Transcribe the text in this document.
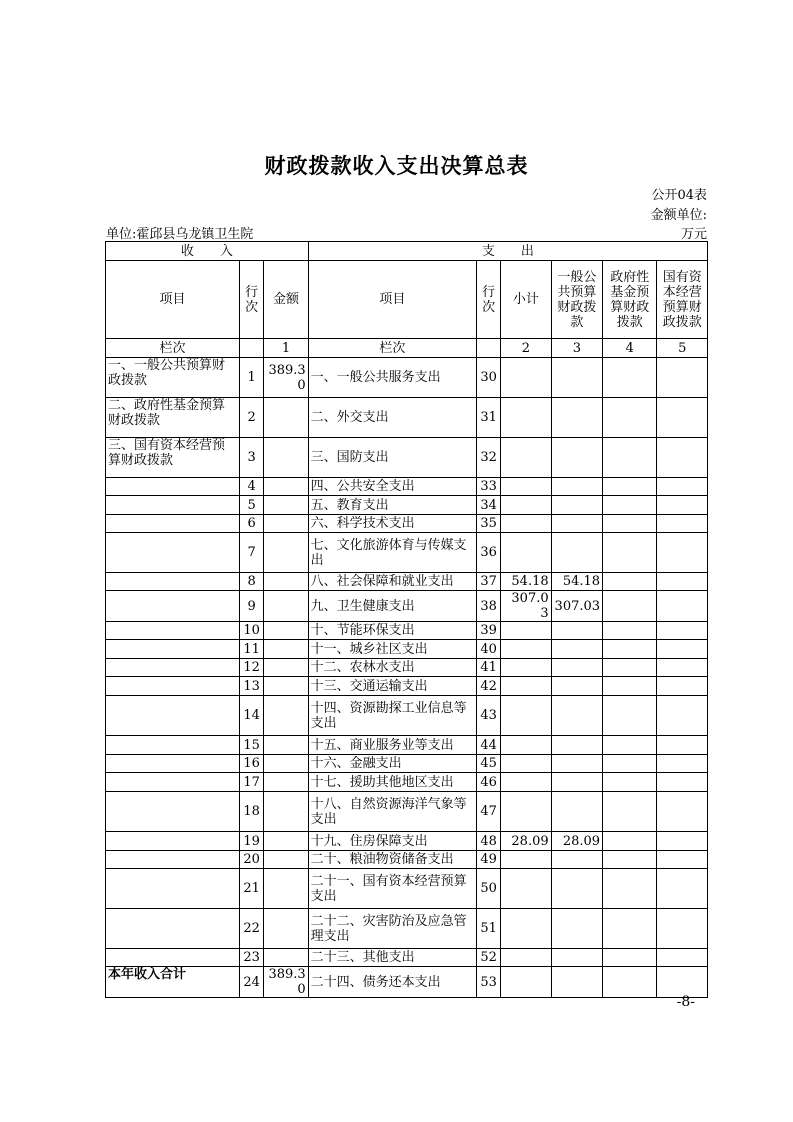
财政拨款收入支出决算总表
公开04表
金额单位:
单位:霍邱县乌龙镇卫生院	万元
收　　入			支　　出					
项目	行次	金额	项目	行次	小计	一般公共预算财政拨款	政府性基金预算财政拨款	国有资本经营预算财政拨款
栏次		1	栏次		2	3	4	5
一、一般公共预算财政拨款	1	389.30	一、一般公共服务支出	30				
二、政府性基金预算财政拨款	2		二、外交支出	31				
三、国有资本经营预算财政拨款	3		三、国防支出	32				
	4		四、公共安全支出	33				
	5		五、教育支出	34				
	6		六、科学技术支出	35				
	7		七、文化旅游体育与传媒支出	36				
	8		八、社会保障和就业支出	37	54.18	54.18		
	9		九、卫生健康支出	38	307.03	307.03		
	10		十、节能环保支出	39				
	11		十一、城乡社区支出	40				
	12		十二、农林水支出	41				
	13		十三、交通运输支出	42				
	14		十四、资源勘探工业信息等支出	43				
	15		十五、商业服务业等支出	44				
	16		十六、金融支出	45				
	17		十七、援助其他地区支出	46				
	18		十八、自然资源海洋气象等支出	47				
	19		十九、住房保障支出	48	28.09	28.09		
	20		二十、粮油物资储备支出	49				
	21		二十一、国有资本经营预算支出	50				
	22		二十二、灾害防治及应急管理支出	51				
	23		二十三、其他支出	52				
本年收入合计	24	389.30	二十四、债务还本支出	53				
-8-
